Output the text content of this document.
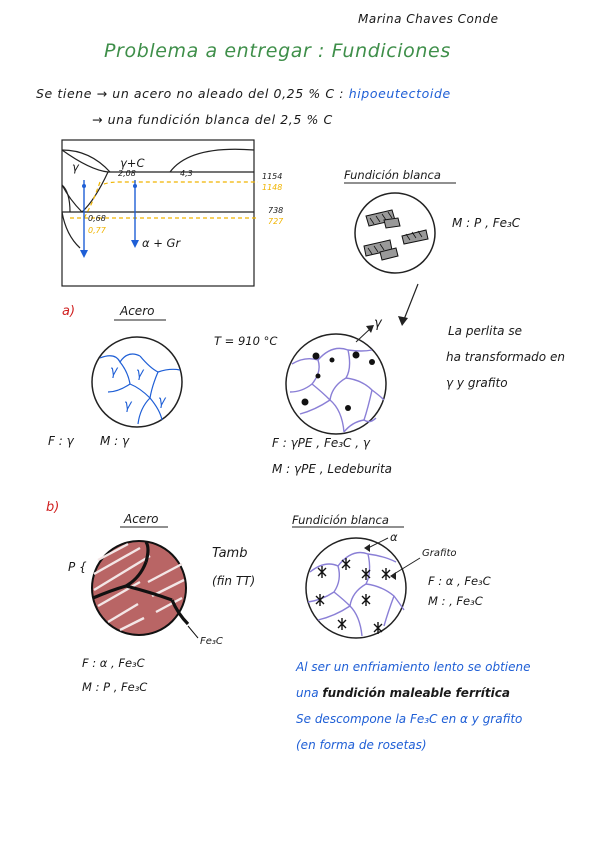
Marina Chaves Conde
Problema a entregar : Fundiciones
Se tiene → un acero no aleado del 0,25 % C : hipoeutectoide
→ una fundición blanca del 2,5 % C
γ	γ+C
2,08	4,3	1154
1148
738
727
0,68
0,77
α + Gr
Fundición blanca
M : P , Fe₃C
a)	Acero
T = 910 °C
γ γ
γ γ
F : γ M : γ
γ	La perlita se
ha transformado en
γ y grafito
F : γPE , Fe₃C , γ
M : γPE , Ledeburita
b)
Acero	Fundición blanca
P {
Tamb
(fin TT)
Fe₃C
α
Grafito
F : α , Fe₃C
M : , Fe₃C
F : α , Fe₃C
M : P , Fe₃C
Al ser un enfriamiento lento se obtiene
una fundición maleable ferrítica
Se descompone la Fe₃C en α y grafito
(en forma de rosetas)
